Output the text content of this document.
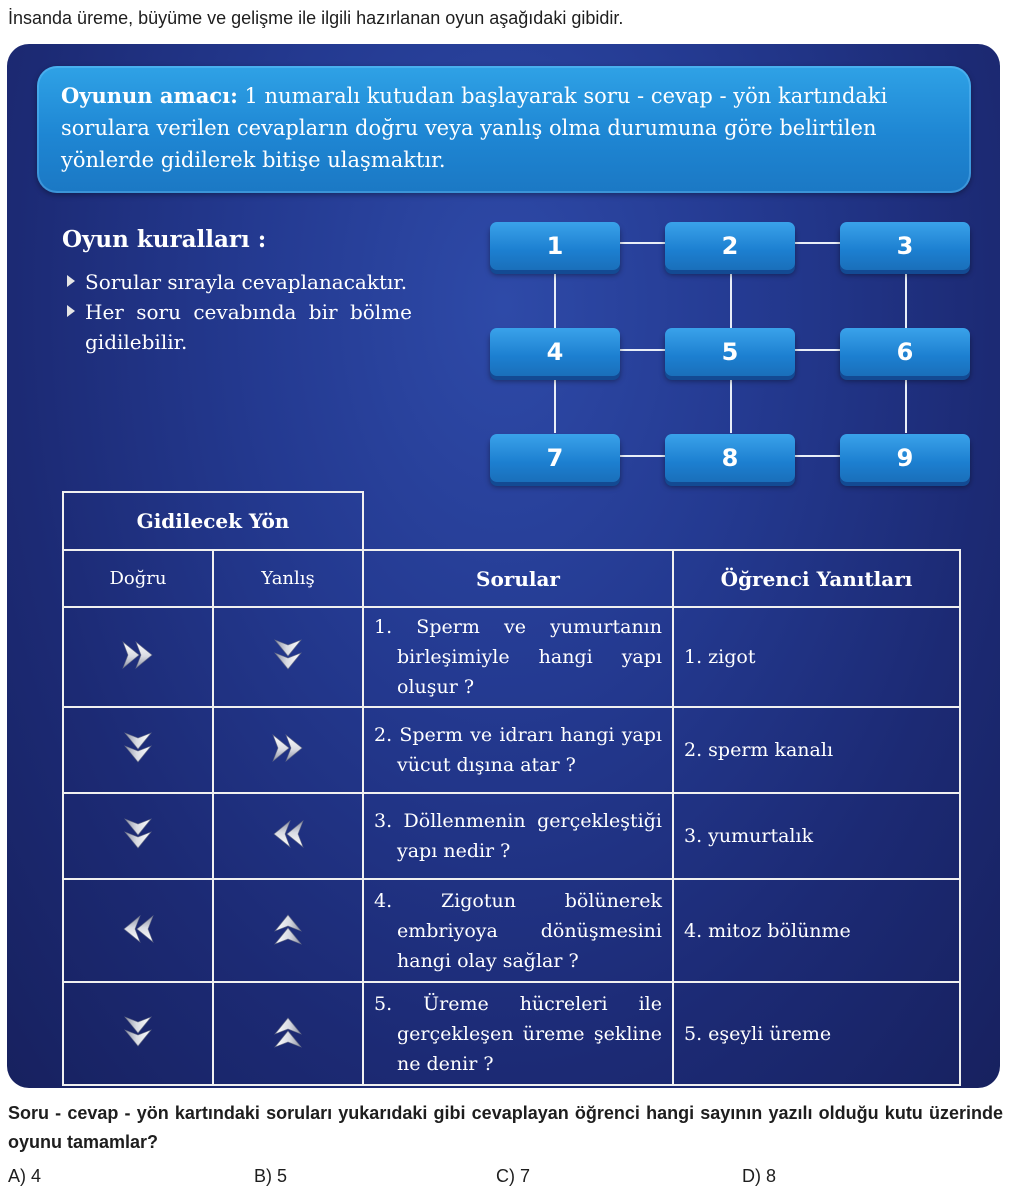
İnsanda üreme, büyüme ve gelişme ile ilgili hazırlanan oyun aşağıdaki gibidir.
Oyunun amacı: 1 numaralı kutudan başlayarak soru - cevap - yön kartındaki sorulara verilen cevapların doğru veya yanlış olma durumuna göre belirtilen yönlerde gidilerek bitişe ulaşmaktır.
Oyun kuralları :
Sorular sırayla cevaplanacaktır.
Her soru cevabında bir bölme gidilebilir.
1	2	3
4	5	6
7	8	9
Gidilecek Yön			
Doğru	Yanlış	Sorular	Öğrenci Yanıtları

1. Sperm ve yumurtanın birleşimiyle hangi yapı oluşur ?	1. zigot

2. Sperm ve idrarı hangi yapı vücut dışına atar ?	2. sperm kanalı

3. Döllenmenin gerçekleştiği yapı nedir ?	3. yumurtalık

4. Zigotun bölünerek embriyoya dönüşmesini hangi olay sağlar ?	4. mitoz bölünme

5. Üreme hücreleri ile gerçekleşen üreme şekline ne denir ?	5. eşeyli üreme
Soru - cevap - yön kartındaki soruları yukarıdaki gibi cevaplayan öğrenci hangi sayının yazılı olduğu kutu üzerinde oyunu tamamlar?
A) 4	B) 5	C) 7	D) 8
